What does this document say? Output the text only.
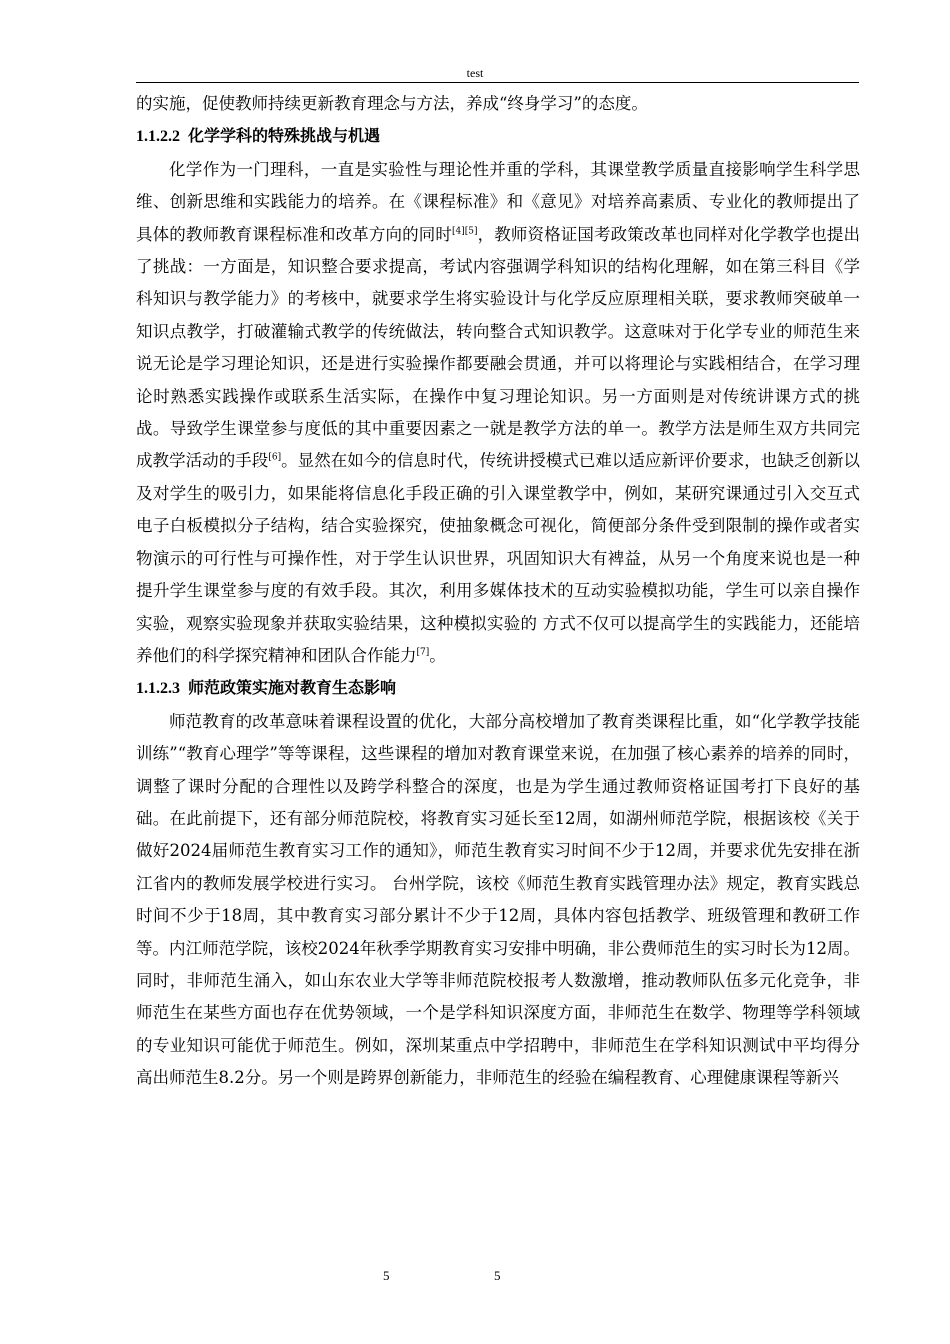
test

的实施，促使教师持续更新教育理念与方法，养成“终身学习”的态度。

1.1.2.2 化学学科的特殊挑战与机遇

化学作为一门理科，一直是实验性与理论性并重的学科，其课堂教学质量直接影响学生科学思维、创新思维和实践能力的培养。在《课程标准》和《意见》对培养高素质、专业化的教师提出了具体的教师教育课程标准和改革方向的同时[4][5]，教师资格证国考政策改革也同样对化学教学也提出了挑战：一方面是，知识整合要求提高，考试内容强调学科知识的结构化理解，如在第三科目《学科知识与教学能力》的考核中，就要求学生将实验设计与化学反应原理相关联，要求教师突破单一知识点教学，打破灌输式教学的传统做法，转向整合式知识教学。这意味对于化学专业的师范生来说无论是学习理论知识，还是进行实验操作都要融会贯通，并可以将理论与实践相结合，在学习理论时熟悉实践操作或联系生活实际，在操作中复习理论知识。另一方面则是对传统讲课方式的挑战。导致学生课堂参与度低的其中重要因素之一就是教学方法的单一。教学方法是师生双方共同完成教学活动的手段[6]。显然在如今的信息时代，传统讲授模式已难以适应新评价要求，也缺乏创新以及对学生的吸引力，如果能将信息化手段正确的引入课堂教学中，例如，某研究课通过引入交互式电子白板模拟分子结构，结合实验探究，使抽象概念可视化，简便部分条件受到限制的操作或者实物演示的可行性与可操作性，对于学生认识世界，巩固知识大有裨益，从另一个角度来说也是一种提升学生课堂参与度的有效手段。其次，利用多媒体技术的互动实验模拟功能，学生可以亲自操作实验，观察实验现象并获取实验结果，这种模拟实验的 方式不仅可以提高学生的实践能力，还能培养他们的科学探究精神和团队合作能力[7]。

1.1.2.3 师范政策实施对教育生态影响

师范教育的改革意味着课程设置的优化，大部分高校增加了教育类课程比重，如“化学教学技能训练”“教育心理学”等等课程，这些课程的增加对教育课堂来说，在加强了核心素养的培养的同时，调整了课时分配的合理性以及跨学科整合的深度，也是为学生通过教师资格证国考打下良好的基础。在此前提下，还有部分师范院校，将教育实习延长至12周，如湖州师范学院，根据该校《关于做好2024届师范生教育实习工作的通知》，师范生教育实习时间不少于12周，并要求优先安排在浙江省内的教师发展学校进行实习。 台州学院，该校《师范生教育实践管理办法》规定，教育实践总时间不少于18周，其中教育实习部分累计不少于12周，具体内容包括教学、班级管理和教研工作等。内江师范学院，该校2024年秋季学期教育实习安排中明确，非公费师范生的实习时长为12周。同时，非师范生涌入，如山东农业大学等非师范院校报考人数激增，推动教师队伍多元化竞争，非师范生在某些方面也存在优势领域，一个是学科知识深度方面，非师范生在数学、物理等学科领域的专业知识可能优于师范生。例如，深圳某重点中学招聘中，非师范生在学科知识测试中平均得分高出师范生8.2分。另一个则是跨界创新能力，非师范生的经验在编程教育、心理健康课程等新兴

5	5
